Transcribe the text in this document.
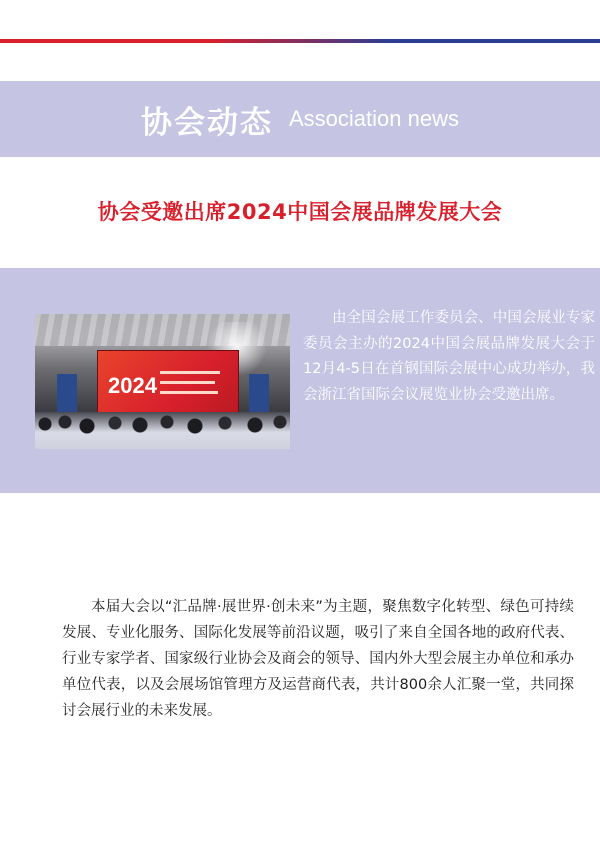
协会动态 Association news
协会受邀出席2024中国会展品牌发展大会
2024
由全国会展工作委员会、中国会展业专家委员会主办的2024中国会展品牌发展大会于12月4-5日在首钢国际会展中心成功举办，我会浙江省国际会议展览业协会受邀出席。
本届大会以“汇品牌·展世界·创未来”为主题，聚焦数字化转型、绿色可持续发展、专业化服务、国际化发展等前沿议题，吸引了来自全国各地的政府代表、行业专家学者、国家级行业协会及商会的领导、国内外大型会展主办单位和承办单位代表，以及会展场馆管理方及运营商代表，共计800余人汇聚一堂，共同探讨会展行业的未来发展。
